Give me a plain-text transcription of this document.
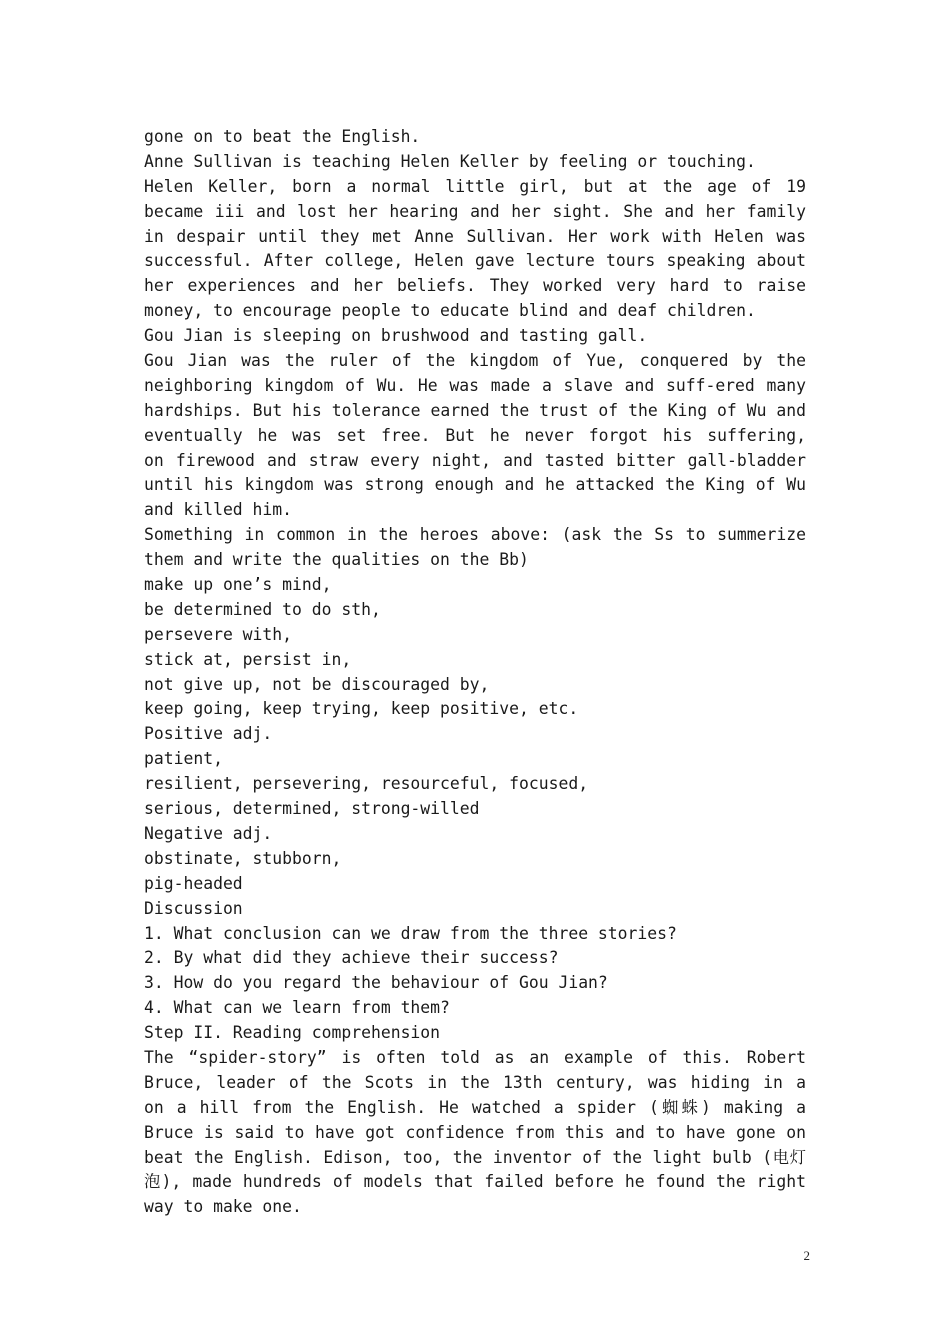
gone on to beat the English.
Anne Sullivan is teaching Helen Keller by feeling or touching.
Helen Keller, born a normal little girl, but at the age of 19
became iii and lost her hearing and her sight. She and her family
in despair until they met Anne Sullivan. Her work with Helen was
successful. After college, Helen gave lecture tours speaking about
her experiences and her beliefs. They worked very hard to raise
money, to encourage people to educate blind and deaf children.
Gou Jian is sleeping on brushwood and tasting gall.
Gou Jian was the ruler of the kingdom of Yue, conquered by the
neighboring kingdom of Wu. He was made a slave and suff-ered many
hardships. But his tolerance earned the trust of the King of Wu and
eventually he was set free. But he never forgot his suffering,
on firewood and straw every night, and tasted bitter gall-bladder
until his kingdom was strong enough and he attacked the King of Wu
and killed him.
Something in common in the heroes above: (ask the Ss to summerize
them and write the qualities on the Bb)
make up one’s mind,
be determined to do sth,
persevere with,
stick at, persist in,
not give up, not be discouraged by,
keep going, keep trying, keep positive, etc.
Positive adj.
patient,
resilient, persevering, resourceful, focused,
serious, determined, strong-willed
Negative adj.
obstinate, stubborn,
pig-headed
Discussion
1. What conclusion can we draw from the three stories?
2. By what did they achieve their success?
3. How do you regard the behaviour of Gou Jian?
4. What can we learn from them?
Step II. Reading comprehension
The “spider-story” is often told as an example of this. Robert
Bruce, leader of the Scots in the 13th century, was hiding in a
on a hill from the English. He watched a spider (蜘蛛) making a
Bruce is said to have got confidence from this and to have gone on
beat the English. Edison, too, the inventor of the light bulb (电灯
泡), made hundreds of models that failed before he found the right
way to make one.
2
